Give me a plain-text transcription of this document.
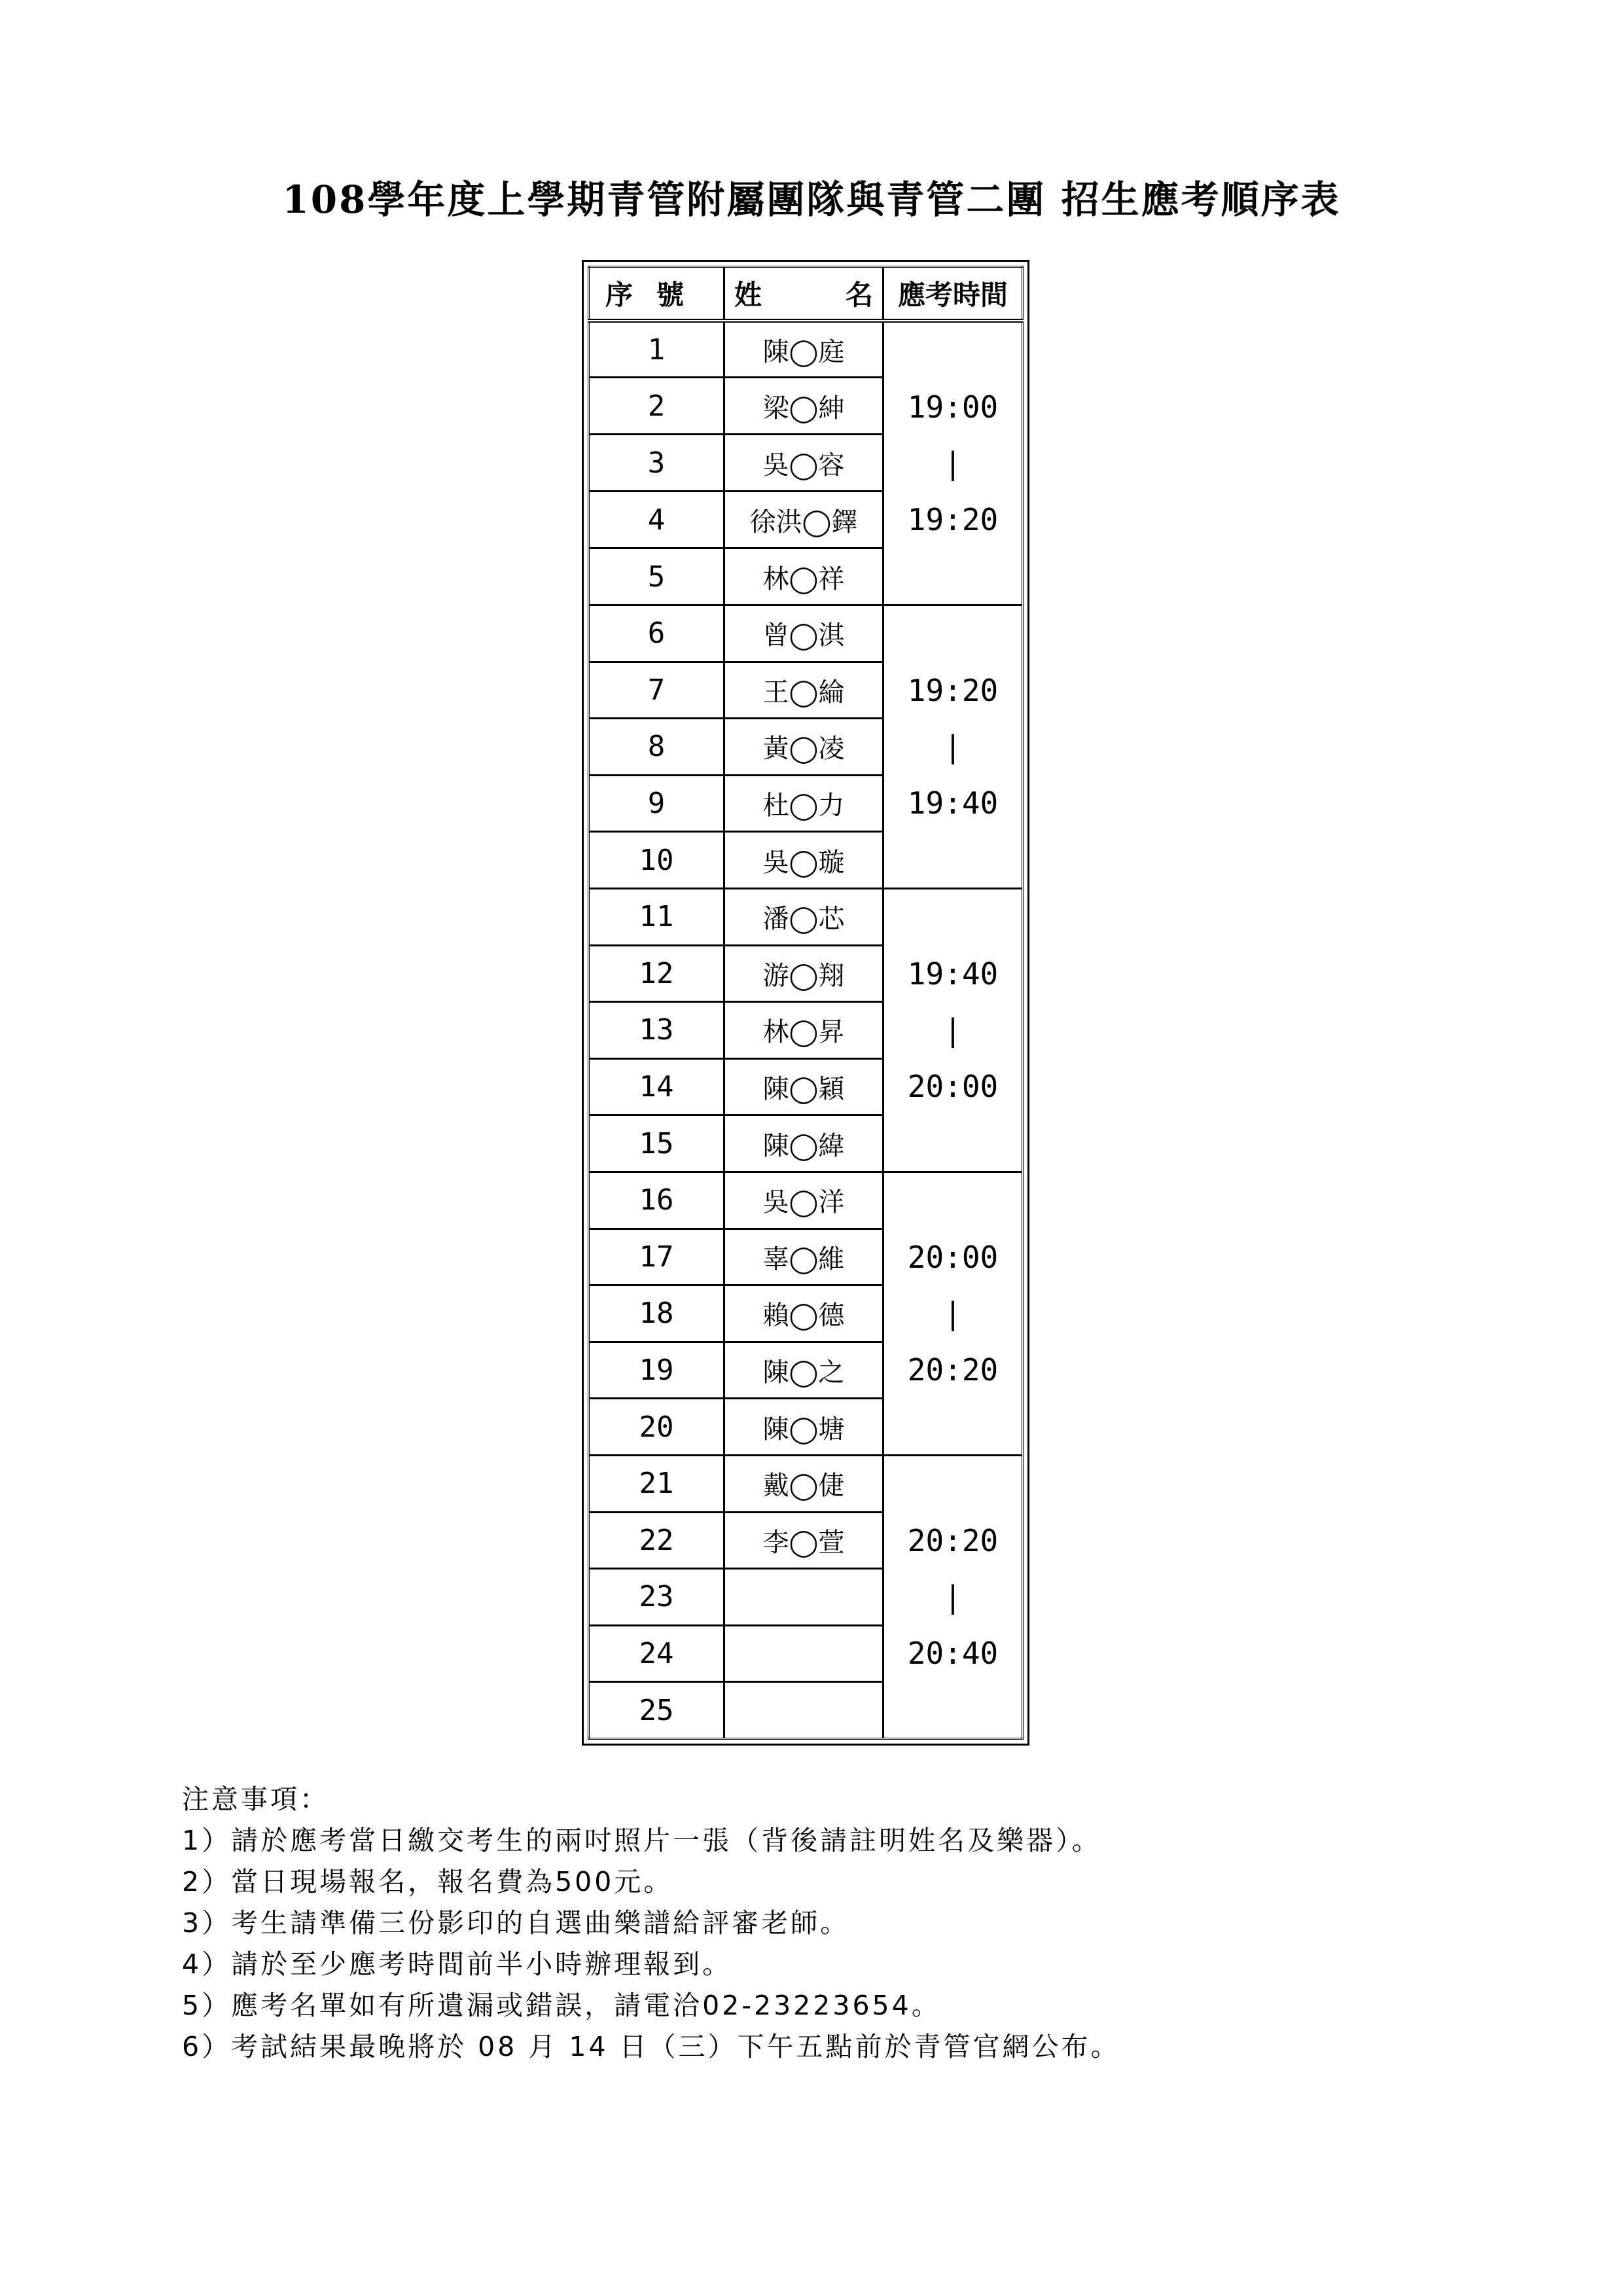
108學年度上學期青管附屬團隊與青管二團 招生應考順序表
序號	姓 名	應考時間
1	陳◯庭	19:00
|
19:20

2	梁◯紳	
3	吳◯容	
4	徐洪◯鐸	
5	林◯祥	
6	曾◯淇	19:20
|
19:40

7	王◯綸	
8	黃◯凌	
9	杜◯力	
10	吳◯璇	
11	潘◯芯	19:40
|
20:00

12	游◯翔	
13	林◯昇	
14	陳◯穎	
15	陳◯緯	
16	吳◯洋	20:00
|
20:20

17	辜◯維	
18	賴◯德	
19	陳◯之	
20	陳◯塘	
21	戴◯倢	20:20
|
20:40

22	李◯萱	
23		
24		
25		
注意事項：
1）請於應考當日繳交考生的兩吋照片一張（背後請註明姓名及樂器）。
2）當日現場報名，報名費為500元。
3）考生請準備三份影印的自選曲樂譜給評審老師。
4）請於至少應考時間前半小時辦理報到。
5）應考名單如有所遺漏或錯誤，請電洽02-23223654。
6）考試結果最晚將於 08 月 14 日（三）下午五點前於青管官網公布。
